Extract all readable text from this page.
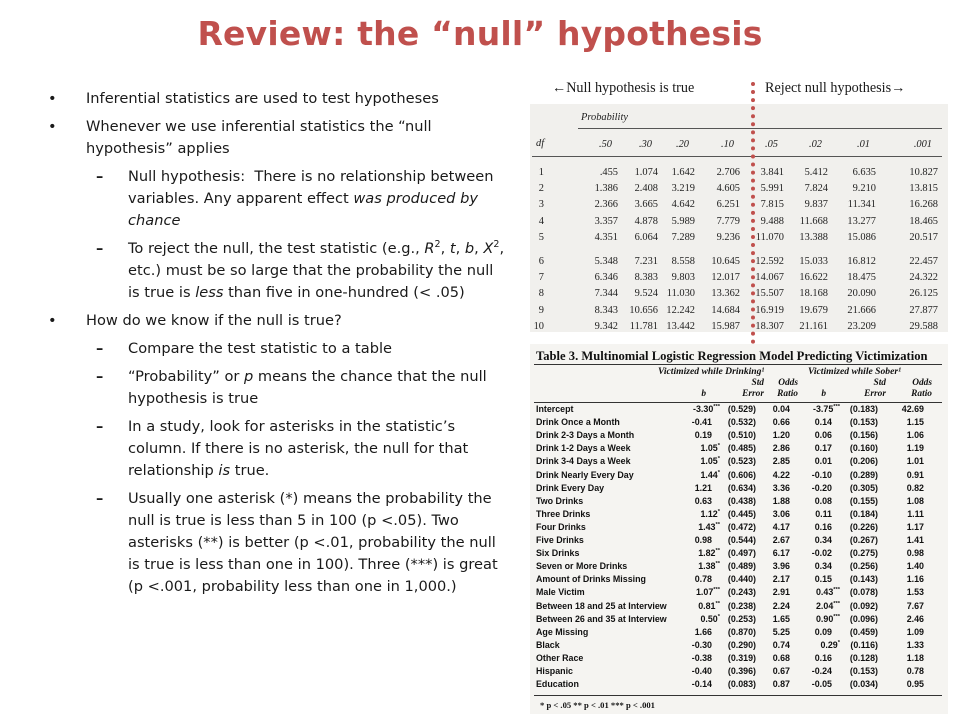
Review: the “null” hypothesis
• Inferential statistics are used to test hypotheses
• Whenever we use inferential statistics the “null hypothesis” applies
– Null hypothesis:  There is no relationship between variables. Any apparent effect was produced by chance
– To reject the null, the test statistic (e.g., $R^2$, t, b, $X^2$, etc.) must be so large that the probability the null is true is less than five in one-hundred (< .05)
• How do we know if the null is true?
– Compare the test statistic to a table
– “Probability” or p means the chance that the null hypothesis is true
– In a study, look for asterisks in the statistic’s column. If there is no asterisk, the null for that relationship is true.
– Usually one asterisk (*) means the probability the null is true is less than 5 in 100 (p <.05). Two asterisks (**) is better (p <.01, probability the null is true is less than one in 100). Three (***) is great (p <.001, probability less than one in 1,000.)
←Null hypothesis is true	Reject null hypothesis→
Probability
df	.50	.30 .20	.10	.05	.02	.01	.001
1	.455 1.074 1.642 2.706 3.841 5.412 6.635	10.827
2	1.386 2.408 3.219 4.605 5.991 7.824 9.210	13.815
3	2.366 3.665 4.642 6.251 7.815 9.837 11.341	16.268
4	3.357 4.878 5.989 7.779 9.488 11.668 13.277	18.465
5	4.351 6.064 7.289 9.236 11.070 13.388 15.086	20.517
6	5.348 7.231 8.558 10.645 12.592 15.033 16.812	22.457
7	6.346 8.383 9.803 12.017 14.067 16.622 18.475	24.322
8	7.344 9.524 11.030 13.362 15.507 18.168 20.090	26.125
9	8.343 10.656 12.242 14.684 16.919 19.679 21.666	27.877
10	9.342 11.781 13.442 15.987 18.307 21.161 23.209	29.588
Table 3. Multinomial Logistic Regression Model Predicting Victimization
Victimized while Drinking¹	Victimized while Sober¹
Std Odds	Std	Odds
b	Error Ratio b	Error	Ratio
Intercept	-3.30*** (0.529) 0.04	-3.75*** (0.183)	42.69
Drink Once a Month	-0.41 (0.532) 0.66	0.14 (0.153)	1.15
Drink 2-3 Days a Month	0.19 (0.510) 1.20	0.06 (0.156)	1.06
Drink 1-2 Days a Week	1.05* (0.485) 2.86	0.17 (0.160)	1.19
Drink 3-4 Days a Week	1.05* (0.523) 2.85	0.01 (0.206)	1.01
Drink Nearly Every Day	1.44* (0.606) 4.22 -0.10 (0.289)	0.91
Drink Every Day	1.21 (0.634) 3.36 -0.20 (0.305)	0.82
Two Drinks	0.63 (0.438) 1.88	0.08 (0.155)	1.08
Three Drinks	1.12* (0.445) 3.06	0.11 (0.184)	1.11
Four Drinks	1.43** (0.472) 4.17	0.16 (0.226)	1.17
Five Drinks	0.98 (0.544) 2.67	0.34 (0.267)	1.41
Six Drinks	1.82** (0.497) 6.17 -0.02 (0.275)	0.98
Seven or More Drinks	1.38** (0.489) 3.96	0.34 (0.256)	1.40
Amount of Drinks Missing	0.78 (0.440) 2.17	0.15 (0.143)	1.16
Male Victim	1.07*** (0.243) 2.91	0.43*** (0.078)	1.53
Between 18 and 25 at Interview	0.81** (0.238) 2.24	2.04*** (0.092)	7.67
Between 26 and 35 at Interview	0.50* (0.253) 1.65	0.90*** (0.096)	2.46
Age Missing	1.66 (0.870) 5.25	0.09 (0.459)	1.09
Black	-0.30 (0.290) 0.74	0.29* (0.116)	1.33
Other Race	-0.38 (0.319) 0.68	0.16 (0.128)	1.18
Hispanic	-0.40 (0.396) 0.67 -0.24 (0.153)	0.78
Education	-0.14 (0.083) 0.87 -0.05 (0.034)	0.95
* p < .05 ** p < .01 *** p < .001
